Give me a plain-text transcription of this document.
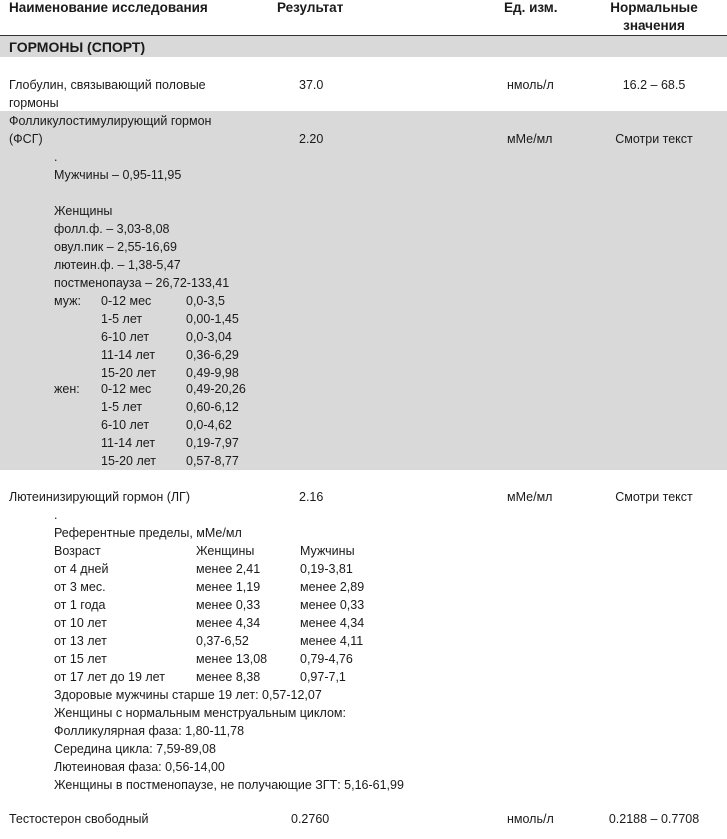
Наименование исследования	Результат	Ед. изм.	Нормальные
значения
ГОРМОНЫ (СПОРТ)
Глобулин, связывающий половые
гормоны
37.0	нмоль/л	16.2 – 68.5
Фолликулостимулирующий гормон
(ФСГ)	2.20	мМе/мл	Смотри текст
.
Мужчины – 0,95-11,95
Женщины
фолл.ф. – 3,03-8,08
овул.пик – 2,55-16,69
лютеин.ф. – 1,38-5,47
постменопауза – 26,72-133,41
муж: 0-12 мес	0,0-3,5
1-5 лет	0,00-1,45
6-10 лет	0,0-3,04
11-14 лет 0,36-6,29
15-20 лет 0,49-9,98
жен: 0-12 мес	0,49-20,26
1-5 лет	0,60-6,12
6-10 лет	0,0-4,62
11-14 лет 0,19-7,97
15-20 лет 0,57-8,77
Лютеинизирующий гормон (ЛГ)	2.16	мМе/мл	Смотри текст
.
Референтные пределы, мМе/мл
Возраст	Женщины	Мужчины
от 4 дней	менее 2,41	0,19-3,81
от 3 мес.	менее 1,19	менее 2,89
от 1 года	менее 0,33	менее 0,33
от 10 лет	менее 4,34	менее 4,34
от 13 лет	0,37-6,52	менее 4,11
от 15 лет	менее 13,08	0,79-4,76
от 17 лет до 19 лет менее 8,38	0,97-7,1
Здоровые мужчины старше 19 лет: 0,57-12,07
Женщины с нормальным менструальным циклом:
Фолликулярная фаза: 1,80-11,78
Середина цикла: 7,59-89,08
Лютеиновая фаза: 0,56-14,00
Женщины в постменопаузе, не получающие ЗГТ: 5,16-61,99
Тестостерон свободный	0.2760	нмоль/л	0.2188 – 0.7708
